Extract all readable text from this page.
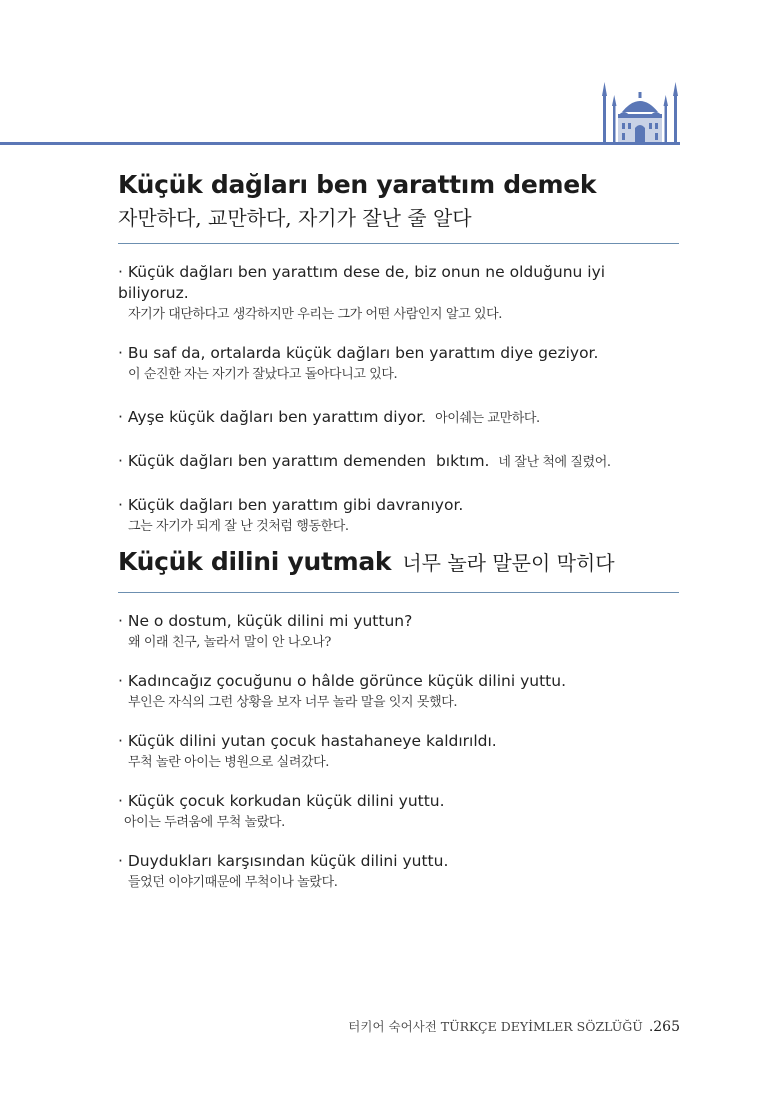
Küçük dağları ben yarattım demek
자만하다, 교만하다, 자기가 잘난 줄 알다
· Küçük dağları ben yarattım dese de, biz onun ne olduğunu iyi biliyoruz.
자기가 대단하다고 생각하지만 우리는 그가 어떤 사람인지 알고 있다.
· Bu saf da, ortalarda küçük dağları ben yarattım diye geziyor.
이 순진한 자는 자기가 잘났다고 돌아다니고 있다.
· Ayşe küçük dağları ben yarattım diyor. 아이쉐는 교만하다.
· Küçük dağları ben yarattım demenden  bıktım. 네 잘난 척에 질렸어.
· Küçük dağları ben yarattım gibi davranıyor.
그는 자기가 되게 잘 난 것처럼 행동한다.
Küçük dilini yutmak 너무 놀라 말문이 막히다
· Ne o dostum, küçük dilini mi yuttun?
왜 이래 친구, 놀라서 말이 안 나오나?
· Kadıncağız çocuğunu o hâlde görünce küçük dilini yuttu.
부인은 자식의 그런 상황을 보자 너무 놀라 말을 잇지 못했다.
· Küçük dilini yutan çocuk hastahaneye kaldırıldı.
무척 놀란 아이는 병원으로 실려갔다.
· Küçük çocuk korkudan küçük dilini yuttu.
아이는 두려움에 무척 놀랐다.
· Duydukları karşısından küçük dilini yuttu.
들었던 이야기때문에 무척이나 놀랐다.
터키어 숙어사전 TÜRKÇE DEYİMLER SÖZLÜĞÜ .265
